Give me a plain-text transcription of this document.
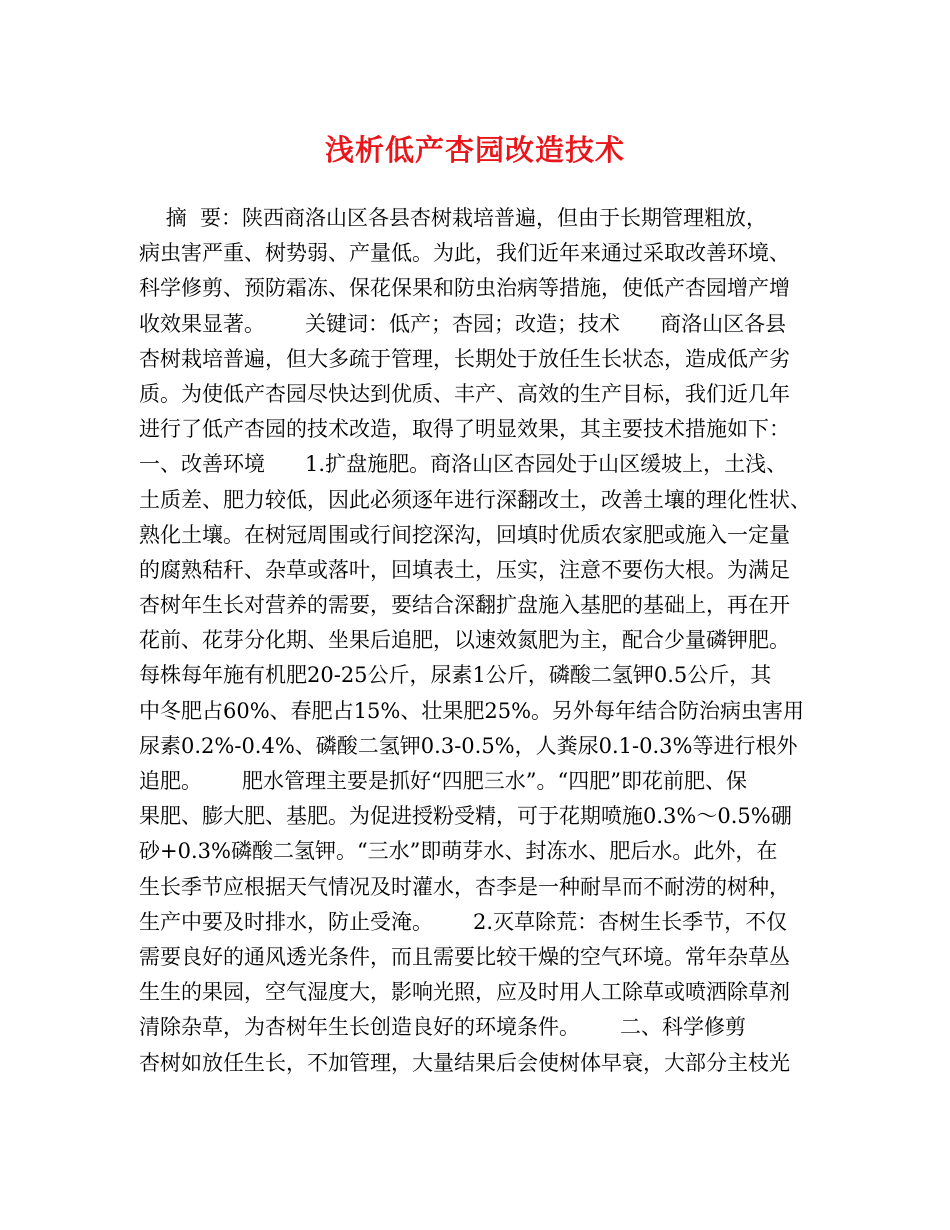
浅析低产杏园改造技术
摘  要：陕西商洛山区各县杏树栽培普遍，但由于长期管理粗放，
病虫害严重、树势弱、产量低。为此，我们近年来通过采取改善环境、
科学修剪、预防霜冻、保花保果和防虫治病等措施，使低产杏园增产增
收效果显著。      关键词：低产；杏园；改造；技术      商洛山区各县
杏树栽培普遍，但大多疏于管理，长期处于放任生长状态，造成低产劣
质。为使低产杏园尽快达到优质、丰产、高效的生产目标，我们近几年
进行了低产杏园的技术改造，取得了明显效果，其主要技术措施如下：
一、改善环境      1.扩盘施肥。商洛山区杏园处于山区缓坡上，土浅、
土质差、肥力较低，因此必须逐年进行深翻改土，改善土壤的理化性状、
熟化土壤。在树冠周围或行间挖深沟，回填时优质农家肥或施入一定量
的腐熟秸秆、杂草或落叶，回填表土，压实，注意不要伤大根。为满足
杏树年生长对营养的需要，要结合深翻扩盘施入基肥的基础上，再在开
花前、花芽分化期、坐果后追肥，以速效氮肥为主，配合少量磷钾肥。
每株每年施有机肥20-25公斤，尿素1公斤，磷酸二氢钾0.5公斤，其
中冬肥占60%、春肥占15%、壮果肥25%。另外每年结合防治病虫害用
尿素0.2%-0.4%、磷酸二氢钾0.3-0.5%，人粪尿0.1-0.3%等进行根外
追肥。      肥水管理主要是抓好“四肥三水”。“四肥”即花前肥、保
果肥、膨大肥、基肥。为促进授粉受精，可于花期喷施0.3%～0.5%硼
砂+0.3%磷酸二氢钾。“三水”即萌芽水、封冻水、肥后水。此外，在
生长季节应根据天气情况及时灌水，杏李是一种耐旱而不耐涝的树种，
生产中要及时排水，防止受淹。      2.灭草除荒：杏树生长季节，不仅
需要良好的通风透光条件，而且需要比较干燥的空气环境。常年杂草丛
生生的果园，空气湿度大，影响光照，应及时用人工除草或喷洒除草剂
清除杂草，为杏树年生长创造良好的环境条件。      二、科学修剪
杏树如放任生长，不加管理，大量结果后会使树体早衰，大部分主枝光
